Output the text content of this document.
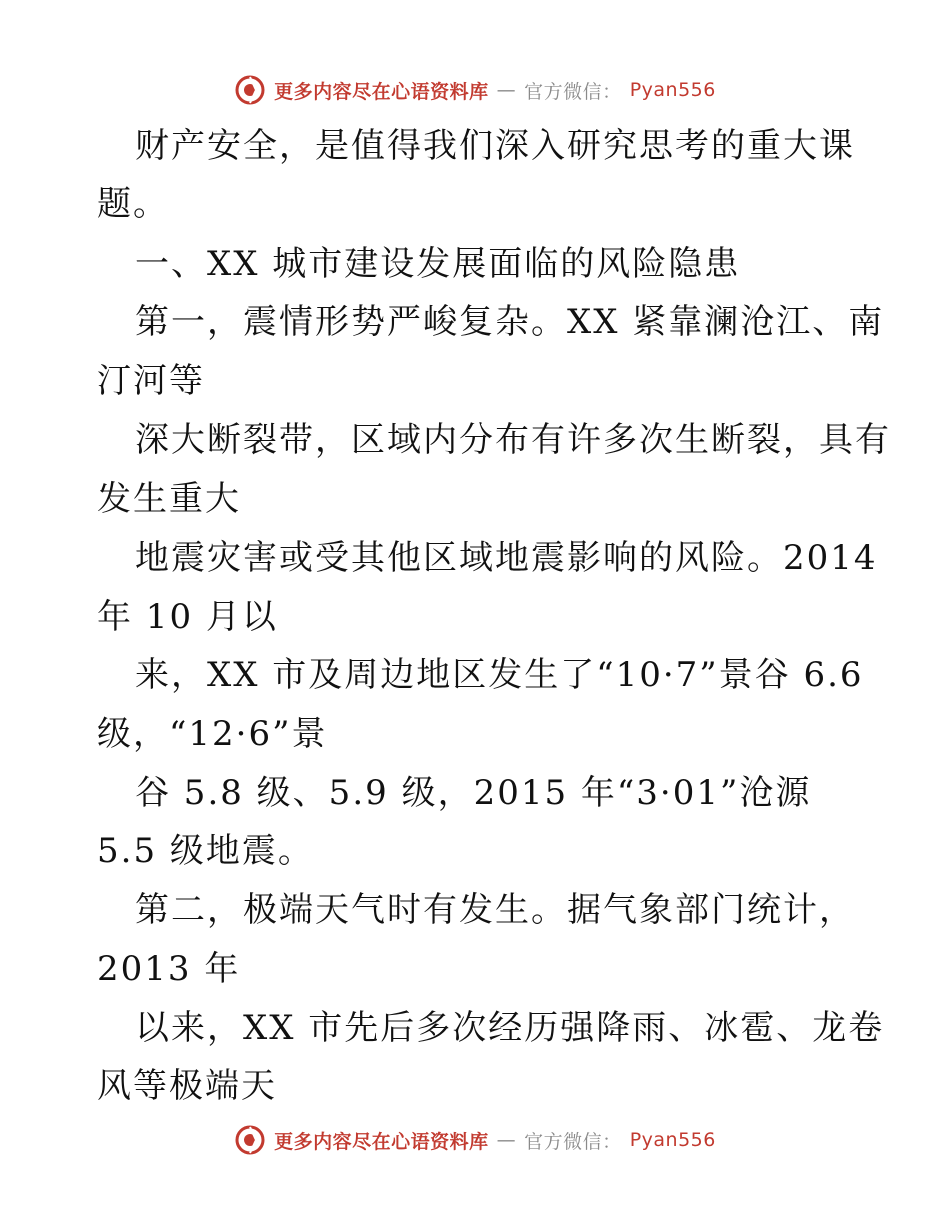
更多内容尽在心语资料库 — 官方微信： Pyan556
财产安全，是值得我们深入研究思考的重大课
题。
一、XX 城市建设发展面临的风险隐患
第一，震情形势严峻复杂。XX 紧靠澜沧江、南
汀河等
深大断裂带，区域内分布有许多次生断裂，具有
发生重大
地震灾害或受其他区域地震影响的风险。2014
年 10 月以
来，XX 市及周边地区发生了“10·7”景谷 6.6
级，“12·6”景
谷 5.8 级、5.9 级，2015 年“3·01”沧源
5.5 级地震。
第二，极端天气时有发生。据气象部门统计，
2013 年
以来，XX 市先后多次经历强降雨、冰雹、龙卷
风等极端天
更多内容尽在心语资料库 — 官方微信： Pyan556
